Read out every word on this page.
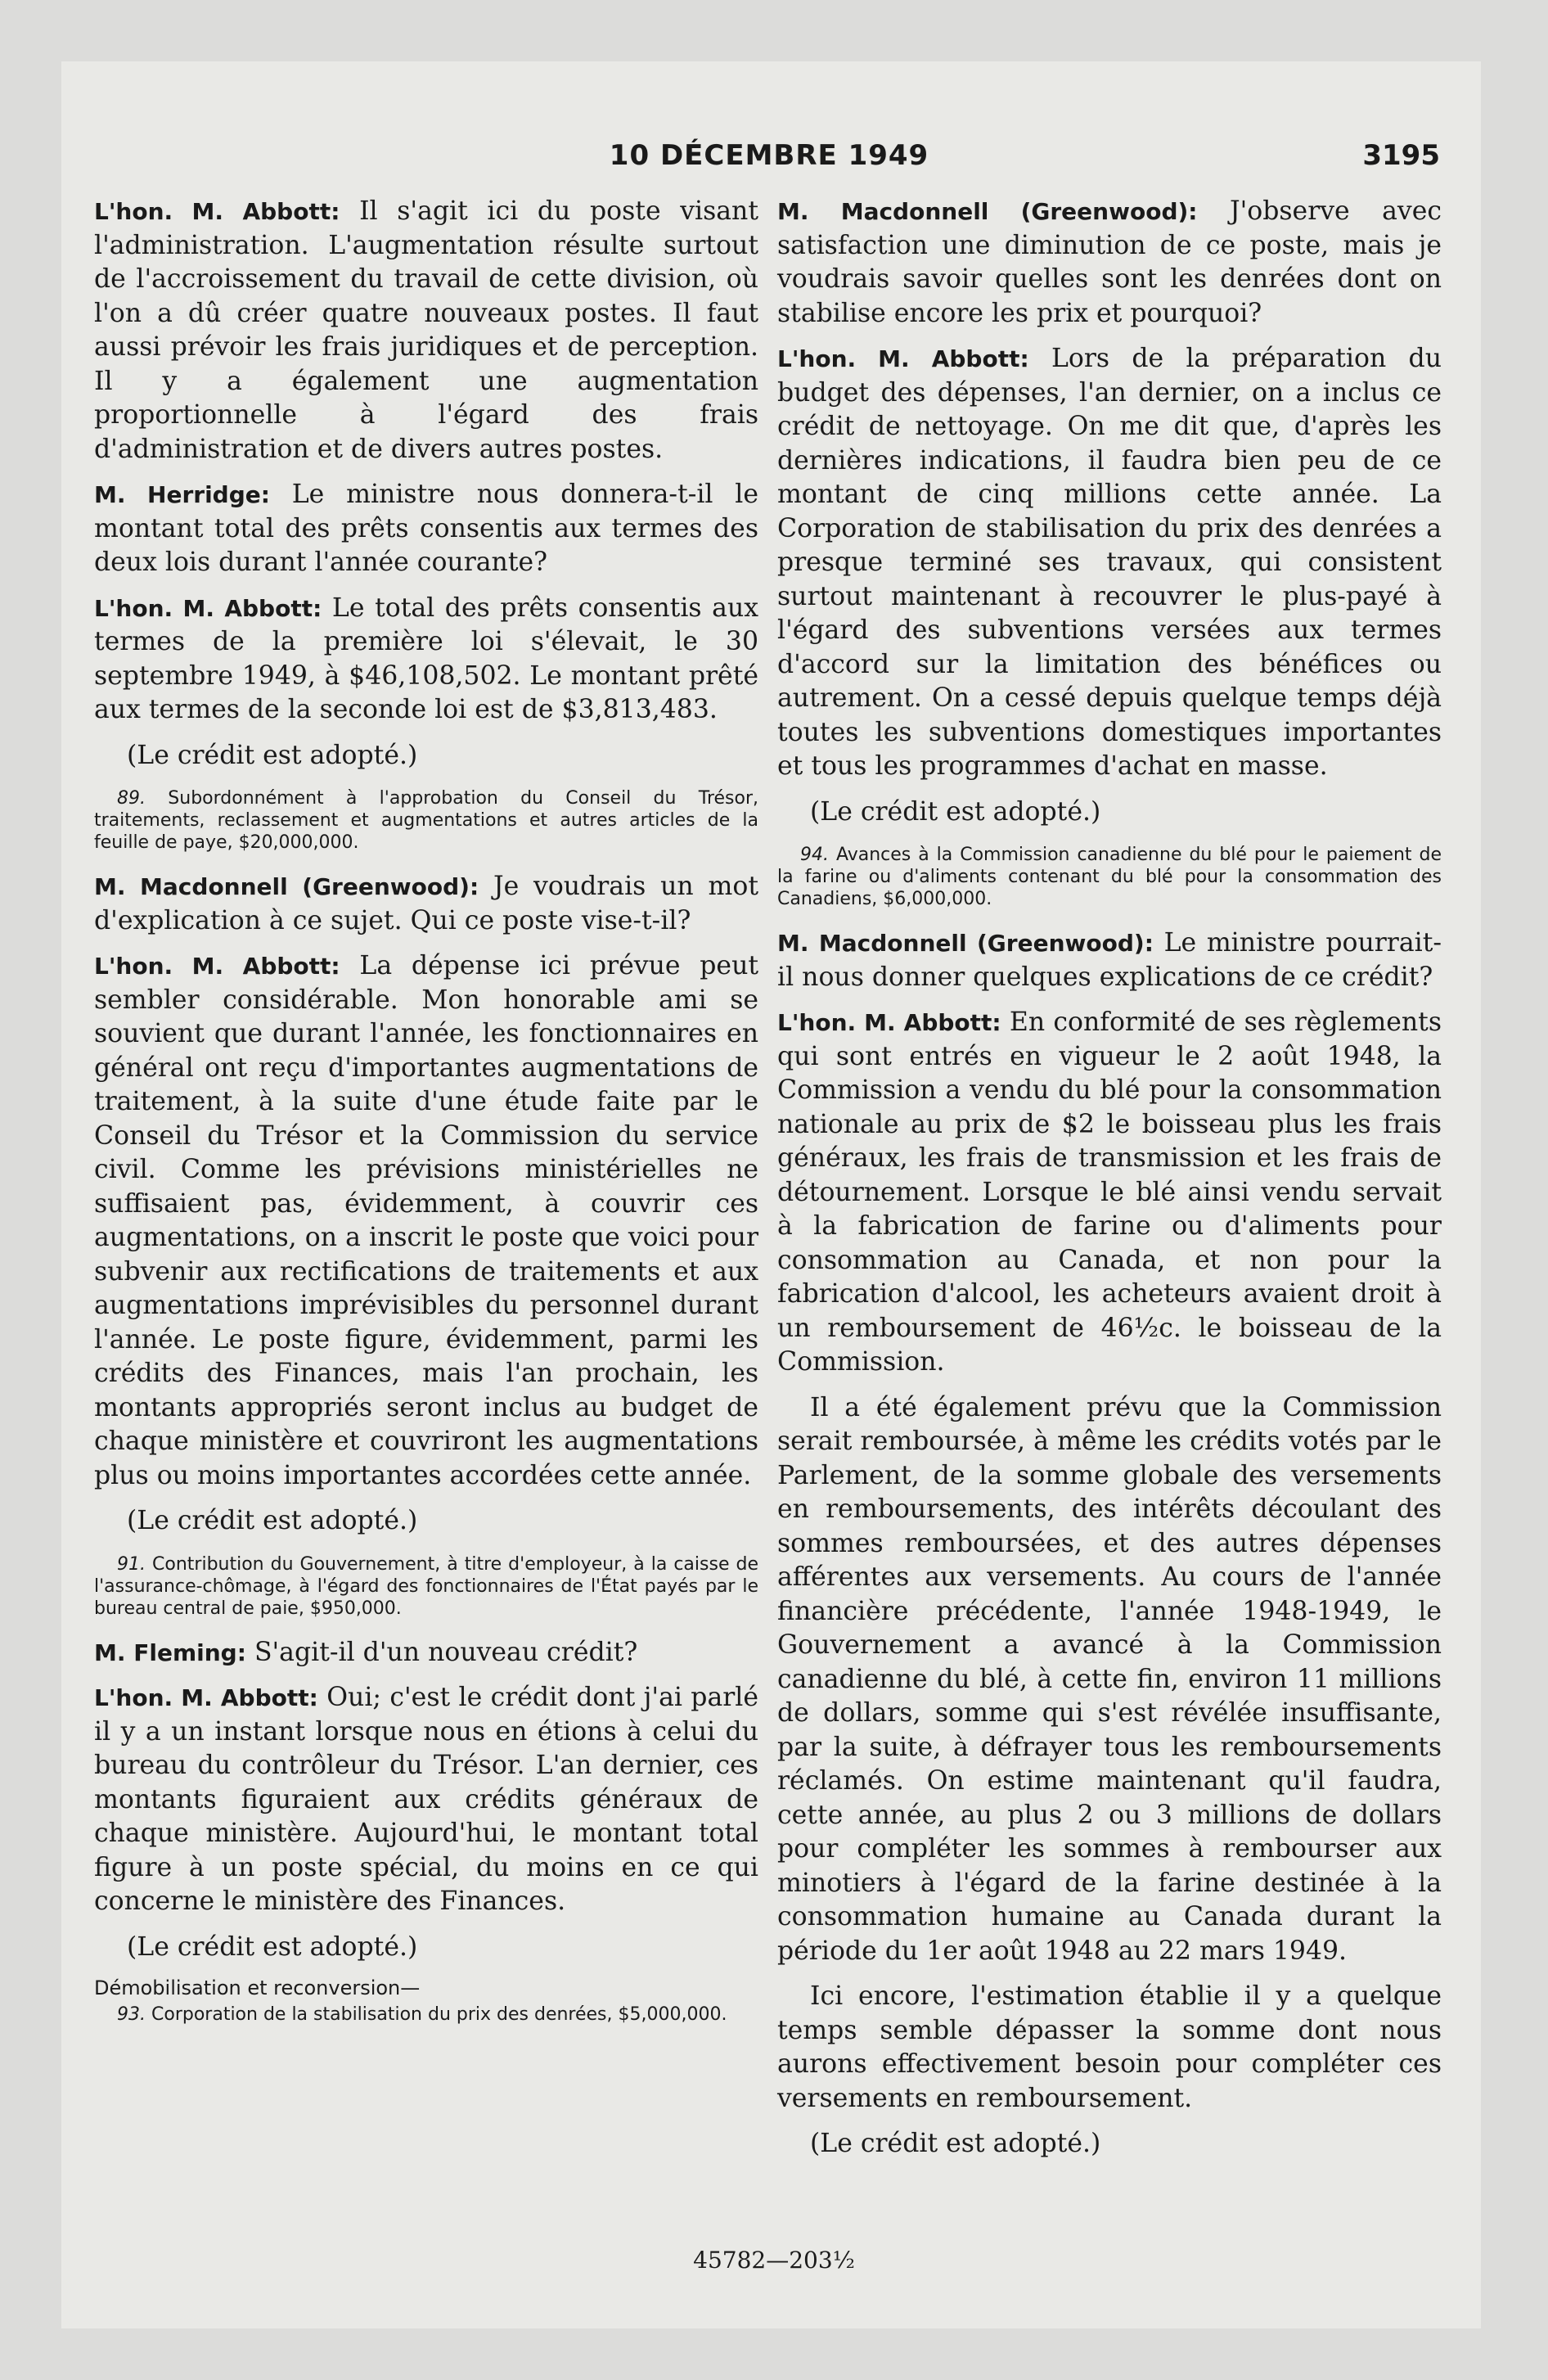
10 DÉCEMBRE 1949	3195

L'hon. M. Abbott: Il s'agit ici du poste visant l'administration. L'augmentation résulte surtout de l'accroissement du travail de cette division, où l'on a dû créer quatre nouveaux postes. Il faut aussi prévoir les frais juridiques et de perception. Il y a également une augmentation proportionnelle à l'égard des frais d'administration et de divers autres postes.

M. Herridge: Le ministre nous donnera-t-il le montant total des prêts consentis aux termes des deux lois durant l'année courante?

L'hon. M. Abbott: Le total des prêts consentis aux termes de la première loi s'élevait, le 30 septembre 1949, à $46,108,502. Le montant prêté aux termes de la seconde loi est de $3,813,483.

(Le crédit est adopté.)

89. Subordonnément à l'approbation du Conseil du Trésor, traitements, reclassement et augmentations et autres articles de la feuille de paye, $20,000,000.

M. Macdonnell (Greenwood): Je voudrais un mot d'explication à ce sujet. Qui ce poste vise-t-il?

L'hon. M. Abbott: La dépense ici prévue peut sembler considérable. Mon honorable ami se souvient que durant l'année, les fonctionnaires en général ont reçu d'importantes augmentations de traitement, à la suite d'une étude faite par le Conseil du Trésor et la Commission du service civil. Comme les prévisions ministérielles ne suffisaient pas, évidemment, à couvrir ces augmentations, on a inscrit le poste que voici pour subvenir aux rectifications de traitements et aux augmentations imprévisibles du personnel durant l'année. Le poste figure, évidemment, parmi les crédits des Finances, mais l'an prochain, les montants appropriés seront inclus au budget de chaque ministère et couvriront les augmentations plus ou moins importantes accordées cette année.

(Le crédit est adopté.)

91. Contribution du Gouvernement, à titre d'employeur, à la caisse de l'assurance-chômage, à l'égard des fonctionnaires de l'État payés par le bureau central de paie, $950,000.

M. Fleming: S'agit-il d'un nouveau crédit?

L'hon. M. Abbott: Oui; c'est le crédit dont j'ai parlé il y a un instant lorsque nous en étions à celui du bureau du contrôleur du Trésor. L'an dernier, ces montants figuraient aux crédits généraux de chaque ministère. Aujourd'hui, le montant total figure à un poste spécial, du moins en ce qui concerne le ministère des Finances.

(Le crédit est adopté.)

Démobilisation et reconversion—

93. Corporation de la stabilisation du prix des denrées, $5,000,000.

M. Macdonnell (Greenwood): J'observe avec satisfaction une diminution de ce poste, mais je voudrais savoir quelles sont les denrées dont on stabilise encore les prix et pourquoi?

L'hon. M. Abbott: Lors de la préparation du budget des dépenses, l'an dernier, on a inclus ce crédit de nettoyage. On me dit que, d'après les dernières indications, il faudra bien peu de ce montant de cinq millions cette année. La Corporation de stabilisation du prix des denrées a presque terminé ses travaux, qui consistent surtout maintenant à recouvrer le plus-payé à l'égard des subventions versées aux termes d'accord sur la limitation des bénéfices ou autrement. On a cessé depuis quelque temps déjà toutes les subventions domestiques importantes et tous les programmes d'achat en masse.

(Le crédit est adopté.)

94. Avances à la Commission canadienne du blé pour le paiement de la farine ou d'aliments contenant du blé pour la consommation des Canadiens, $6,000,000.

M. Macdonnell (Greenwood): Le ministre pourrait-il nous donner quelques explications de ce crédit?

L'hon. M. Abbott: En conformité de ses règlements qui sont entrés en vigueur le 2 août 1948, la Commission a vendu du blé pour la consommation nationale au prix de $2 le boisseau plus les frais généraux, les frais de transmission et les frais de détournement. Lorsque le blé ainsi vendu servait à la fabrication de farine ou d'aliments pour consommation au Canada, et non pour la fabrication d'alcool, les acheteurs avaient droit à un remboursement de 46½c. le boisseau de la Commission.

Il a été également prévu que la Commission serait remboursée, à même les crédits votés par le Parlement, de la somme globale des versements en remboursements, des intérêts découlant des sommes remboursées, et des autres dépenses afférentes aux versements. Au cours de l'année financière précédente, l'année 1948-1949, le Gouvernement a avancé à la Commission canadienne du blé, à cette fin, environ 11 millions de dollars, somme qui s'est révélée insuffisante, par la suite, à défrayer tous les remboursements réclamés. On estime maintenant qu'il faudra, cette année, au plus 2 ou 3 millions de dollars pour compléter les sommes à rembourser aux minotiers à l'égard de la farine destinée à la consommation humaine au Canada durant la période du 1er août 1948 au 22 mars 1949.

Ici encore, l'estimation établie il y a quelque temps semble dépasser la somme dont nous aurons effectivement besoin pour compléter ces versements en remboursement.

(Le crédit est adopté.)

45782—203½
